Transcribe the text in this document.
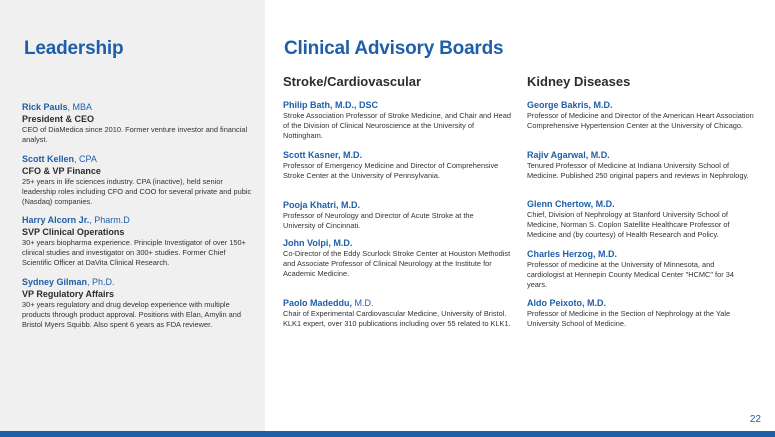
Leadership
Rick Pauls, MBA
President & CEO
CEO of DiaMedica since 2010. Former venture investor and financial analyst.
Scott Kellen, CPA
CFO & VP Finance
25+ years in life sciences industry. CPA (inactive), held senior leadership roles including CFO and COO for several private and pubic (Nasdaq) companies.
Harry Alcorn Jr., Pharm.D
SVP Clinical Operations
30+ years biopharma experience. Principle Investigator of over 150+ clinical studies and investigator on 300+ studies. Former Chief Scientific Officer at DaVita Clinical Research.
Sydney Gilman, Ph.D.
VP Regulatory Affairs
30+ years regulatory and drug develop experience with multiple products through product approval. Positions with Elan, Amylin and Bristol Myers Squibb. Also spent 6 years as FDA reviewer.
Clinical Advisory Boards
Stroke/Cardiovascular	Kidney Diseases
Philip Bath, M.D., DSC
Stroke Association Professor of Stroke Medicine, and Chair and Head of the Division of Clinical Neuroscience at the University of Nottingham.
Scott Kasner, M.D.
Professor of Emergency Medicine and Director of Comprehensive Stroke Center at the University of Pennsylvania.
Pooja Khatri, M.D.
Professor of Neurology and Director of Acute Stroke at the University of Cincinnati.
John Volpi, M.D.
Co-Director of the Eddy Scurlock Stroke Center at Houston Methodist and Associate Professor of Clinical Neurology at the Institute for Academic Medicine.
Paolo Madeddu, M.D.
Chair of Experimental Cardiovascular Medicine, University of Bristol. KLK1 expert, over 310 publications including over 55 related to KLK1.
George Bakris, M.D.
Professor of Medicine and Director of the American Heart Association Comprehensive Hypertension Center at the University of Chicago.
Rajiv Agarwal, M.D.
Tenured Professor of Medicine at Indiana University School of Medicine. Published 250 original papers and reviews in Nephrology.
Glenn Chertow, M.D.
Chief, Division of Nephrology at Stanford University School of Medicine, Norman S. Coplon Satellite Healthcare Professor of Medicine and (by courtesy) of Health Research and Policy.
Charles Herzog, M.D.
Professor of medicine at the University of Minnesota, and cardiologist at Hennepin County Medical Center "HCMC" for 34 years.
Aldo Peixoto, M.D.
Professor of Medicine in the Section of Nephrology at the Yale University School of Medicine.
22
